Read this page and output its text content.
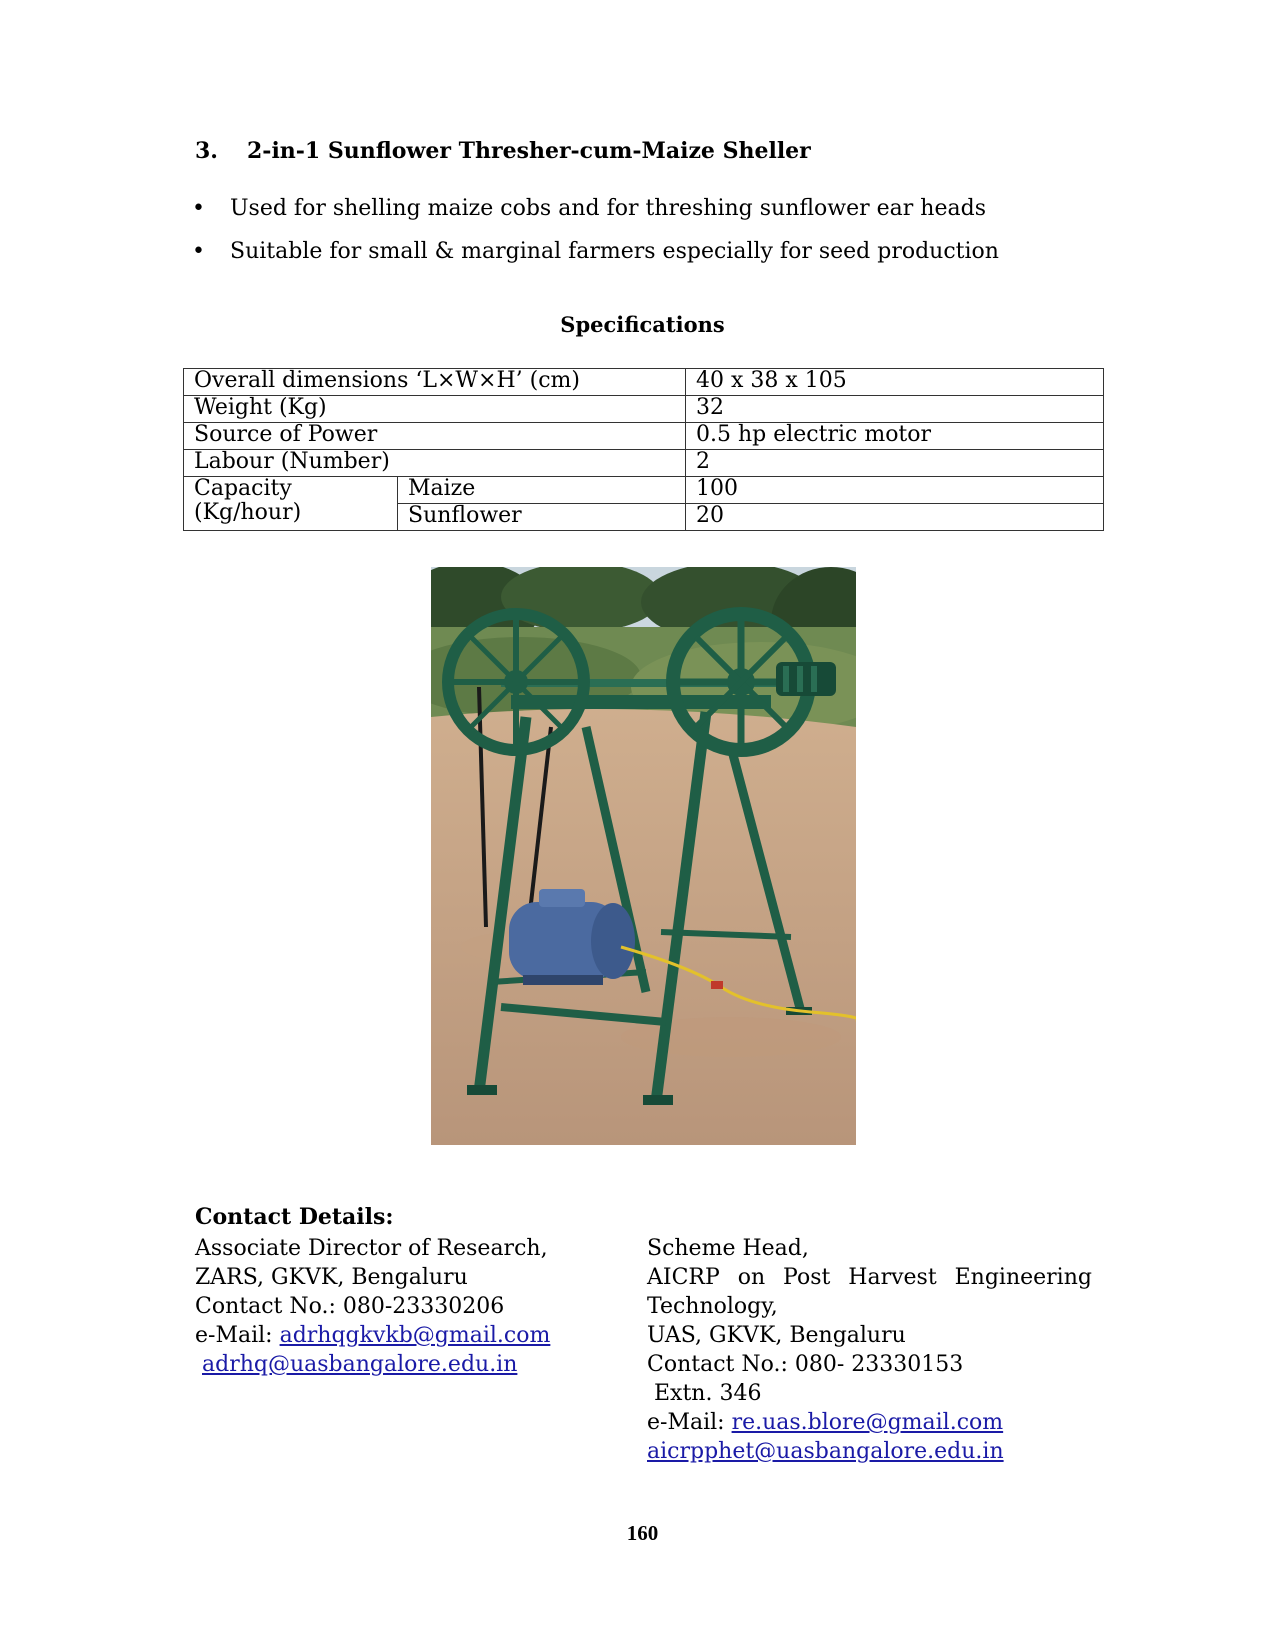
3. 2-in-1 Sunflower Thresher-cum-Maize Sheller
• Used for shelling maize cobs and for threshing sunflower ear heads
• Suitable for small & marginal farmers especially for seed production
Specifications
Overall dimensions ‘L×W×H’ (cm)		40 x 38 x 105
Weight (Kg)		32
Source of Power		0.5 hp electric motor
Labour (Number)		2

Capacity
(Kg/hour)	Maize	100
	Sunflower	20
Contact Details:
Associate Director of Research,
ZARS, GKVK, Bengaluru
Contact No.: 080-23330206
e-Mail: adrhqgkvkb@gmail.com
adrhq@uasbangalore.edu.in
Scheme Head,
AICRP on Post Harvest Engineering
Technology,
UAS, GKVK, Bengaluru
Contact No.: 080- 23330153
Extn. 346
e-Mail: re.uas.blore@gmail.com
aicrpphet@uasbangalore.edu.in
160
